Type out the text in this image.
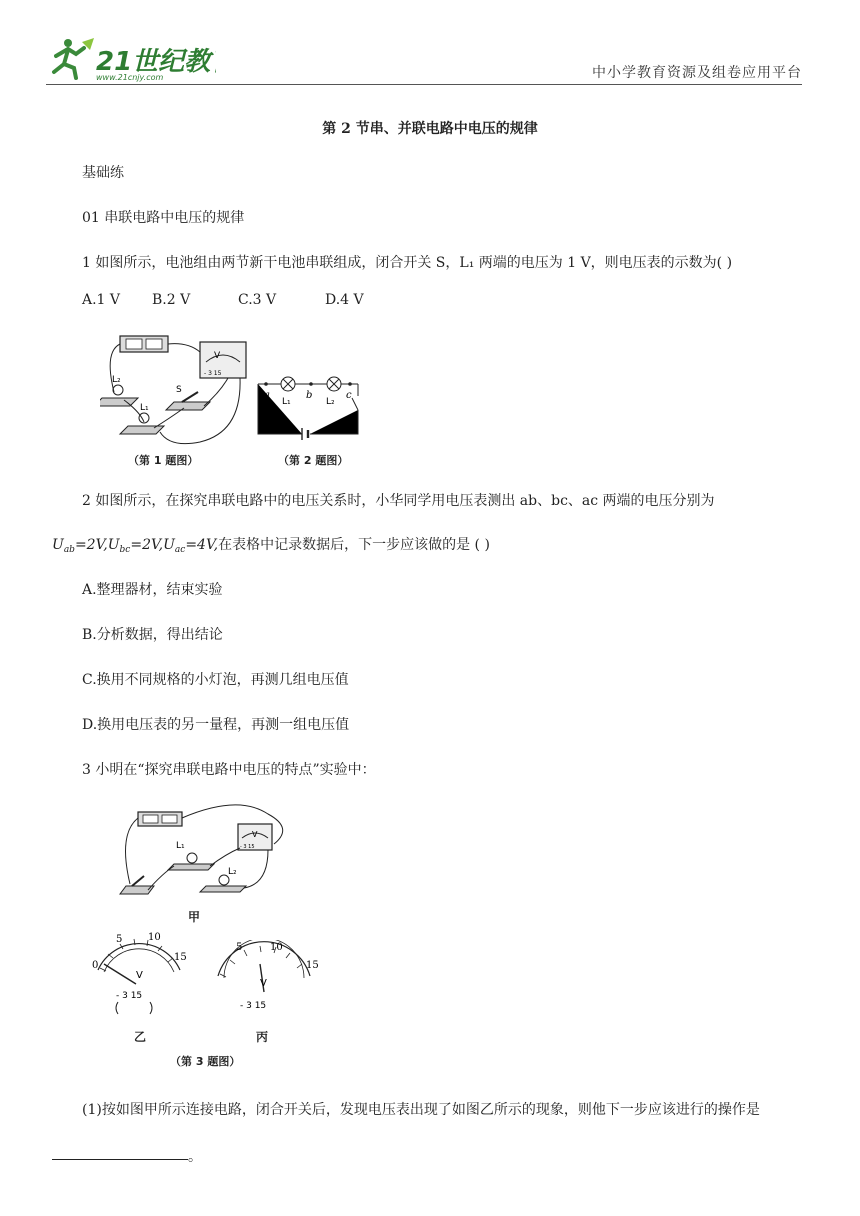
21世纪教
www.21cnjy.com	中小学教育资源及组卷应用平台
第 2 节串、并联电路中电压的规律
基础练
01 串联电路中电压的规律
1 如图所示，电池组由两节新干电池串联组成，闭合开关 S，L₁ 两端的电压为 1 V，则电压表的示数为( )
A.1 V B.2 V	C.3 V	D.4 V
V
- 3 15
L₂
S
L₁
（第 1 题图）
a	b	c
L₁	L₂
（第 2 题图）
2 如图所示，在探究串联电路中的电压关系时，小华同学用电压表测出 ab、bc、ac 两端的电压分别为
$U_{ab}=2V,U_{bc}=2V,U_{ac}=4V$,在表格中记录数据后，下一步应该做的是 ( )
A.整理器材，结束实验
B.分析数据，得出结论
C.换用不同规格的小灯泡，再测几组电压值
D.换用电压表的另一量程，再测一组电压值
3 小明在“探究串联电路中电压的特点”实验中：
V
- 3 15
L₁
L₂
甲
0
5	10
15
V
- 3 15
乙
5	10
15
V
- 3 15
丙
（第 3 题图）
(1)按如图甲所示连接电路，闭合开关后，发现电压表出现了如图乙所示的现象，则他下一步应该进行的操作是
。
